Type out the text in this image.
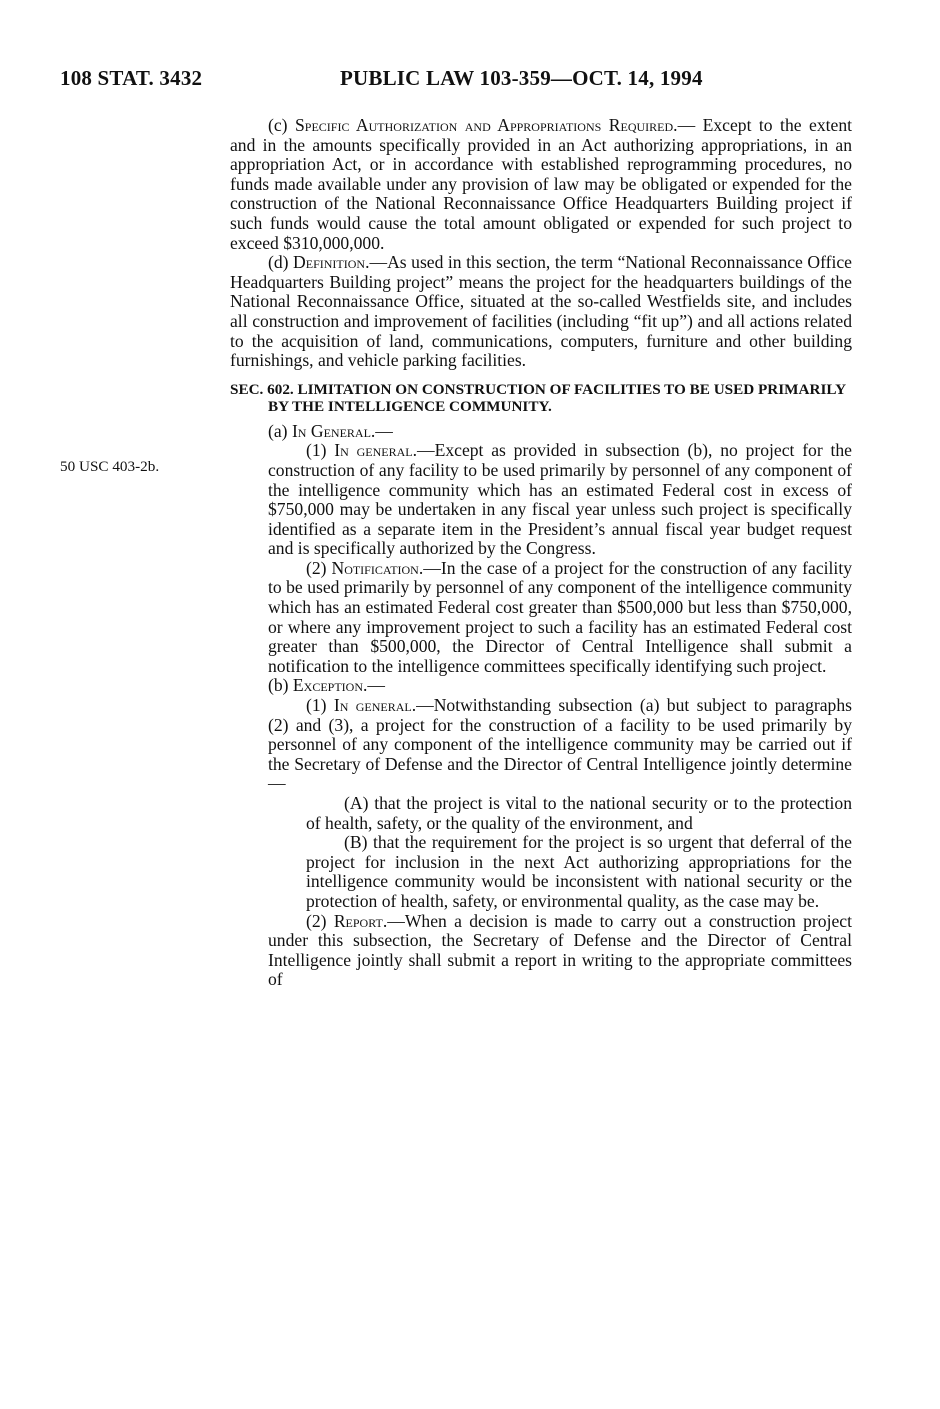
108 STAT. 3432	PUBLIC LAW 103-359—OCT. 14, 1994
50 USC 403-2b.

(c) Specific Authorization and Appropriations Required.— Except to the extent and in the amounts specifically provided in an Act authorizing appropriations, in an appropriation Act, or in accordance with established reprogramming procedures, no funds made available under any provision of law may be obligated or expended for the construction of the National Reconnaissance Office Headquarters Building project if such funds would cause the total amount obligated or expended for such project to exceed $310,000,000.

(d) Definition.—As used in this section, the term “National Reconnaissance Office Headquarters Building project” means the project for the headquarters buildings of the National Reconnaissance Office, situated at the so-called Westfields site, and includes all construction and improvement of facilities (including “fit up”) and all actions related to the acquisition of land, communications, computers, furniture and other building furnishings, and vehicle parking facilities.

SEC. 602. LIMITATION ON CONSTRUCTION OF FACILITIES TO BE USED PRIMARILY BY THE INTELLIGENCE COMMUNITY.

(a) In General.—

(1) In general.—Except as provided in subsection (b), no project for the construction of any facility to be used primarily by personnel of any component of the intelligence community which has an estimated Federal cost in excess of $750,000 may be undertaken in any fiscal year unless such project is specifically identified as a separate item in the President’s annual fiscal year budget request and is specifically authorized by the Congress.

(2) Notification.—In the case of a project for the construction of any facility to be used primarily by personnel of any component of the intelligence community which has an estimated Federal cost greater than $500,000 but less than $750,000, or where any improvement project to such a facility has an estimated Federal cost greater than $500,000, the Director of Central Intelligence shall submit a notification to the intelligence committees specifically identifying such project.

(b) Exception.—

(1) In general.—Notwithstanding subsection (a) but subject to paragraphs (2) and (3), a project for the construction of a facility to be used primarily by personnel of any component of the intelligence community may be carried out if the Secretary of Defense and the Director of Central Intelligence jointly determine—

(A) that the project is vital to the national security or to the protection of health, safety, or the quality of the environment, and

(B) that the requirement for the project is so urgent that deferral of the project for inclusion in the next Act authorizing appropriations for the intelligence community would be inconsistent with national security or the protection of health, safety, or environmental quality, as the case may be.

(2) Report.—When a decision is made to carry out a construction project under this subsection, the Secretary of Defense and the Director of Central Intelligence jointly shall submit a report in writing to the appropriate committees of
